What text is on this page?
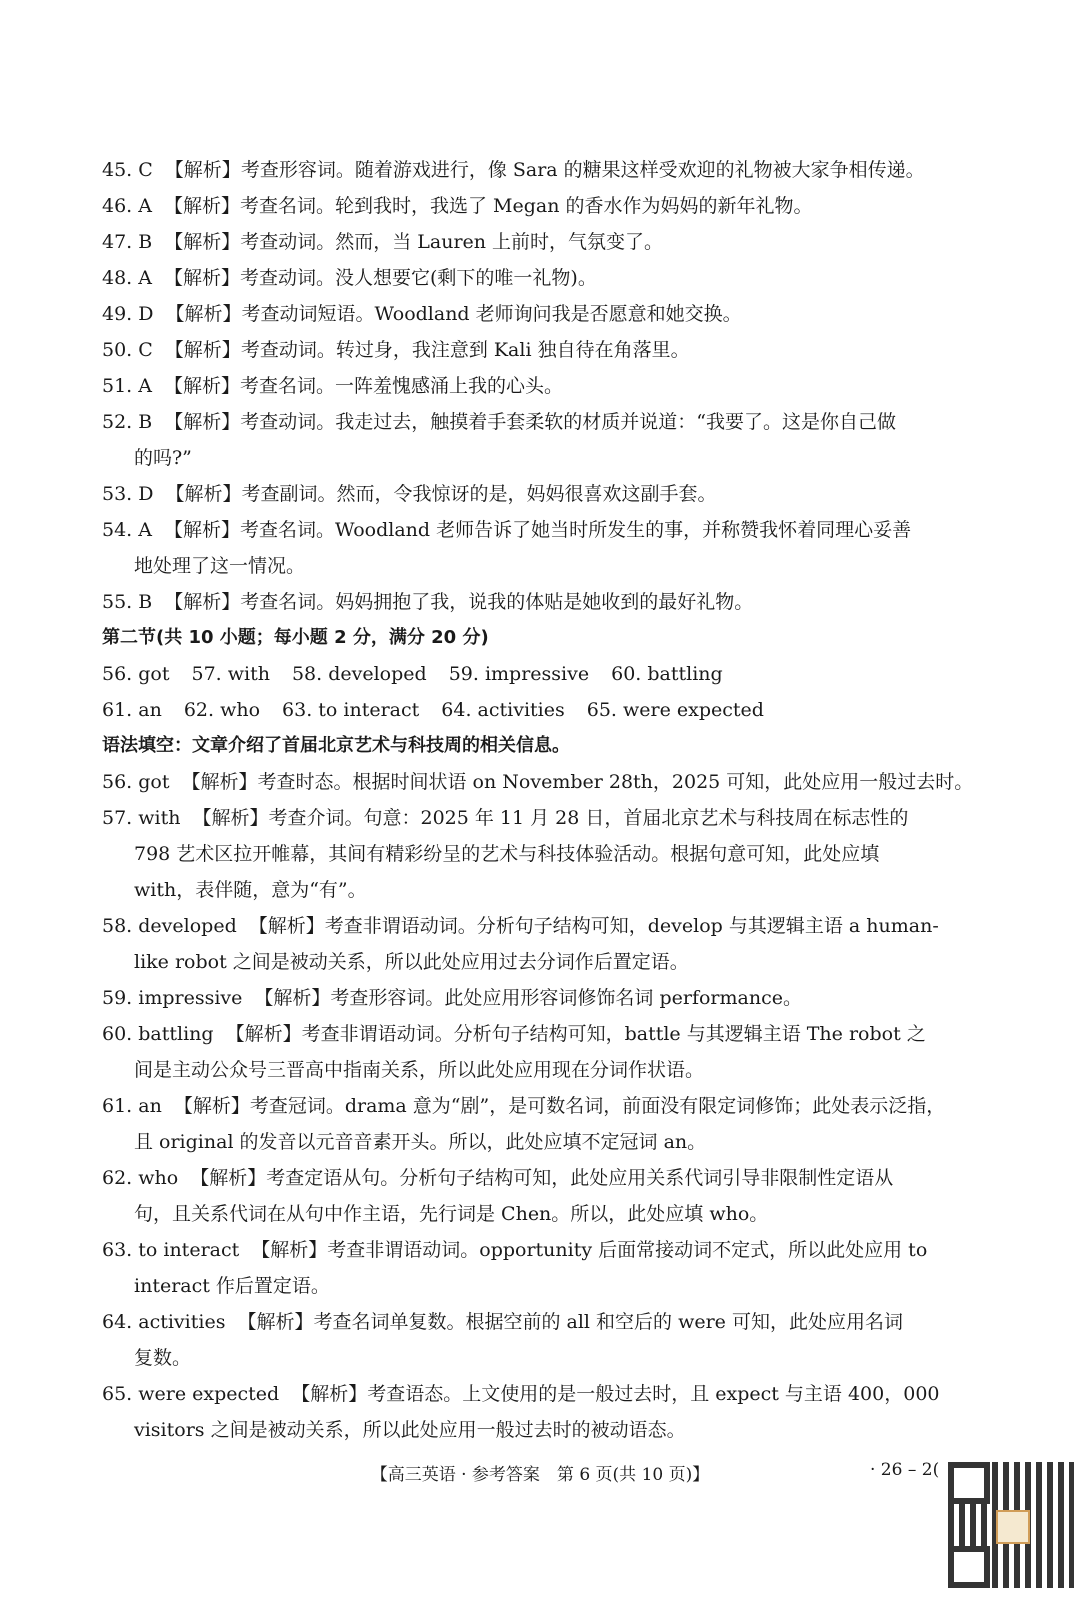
45. C 【解析】考查形容词。随着游戏进行，像 Sara 的糖果这样受欢迎的礼物被大家争相传递。
46. A 【解析】考查名词。轮到我时，我选了 Megan 的香水作为妈妈的新年礼物。
47. B 【解析】考查动词。然而，当 Lauren 上前时，气氛变了。
48. A 【解析】考查动词。没人想要它(剩下的唯一礼物)。
49. D 【解析】考查动词短语。Woodland 老师询问我是否愿意和她交换。
50. C 【解析】考查动词。转过身，我注意到 Kali 独自待在角落里。
51. A 【解析】考查名词。一阵羞愧感涌上我的心头。
52. B 【解析】考查动词。我走过去，触摸着手套柔软的材质并说道：“我要了。这是你自己做
的吗?”
53. D 【解析】考查副词。然而，令我惊讶的是，妈妈很喜欢这副手套。
54. A 【解析】考查名词。Woodland 老师告诉了她当时所发生的事，并称赞我怀着同理心妥善
地处理了这一情况。
55. B 【解析】考查名词。妈妈拥抱了我，说我的体贴是她收到的最好礼物。
第二节(共 10 小题；每小题 2 分，满分 20 分)
56. got 57. with 58. developed 59. impressive 60. battling
61. an 62. who 63. to interact 64. activities 65. were expected
语法填空：文章介绍了首届北京艺术与科技周的相关信息。
56. got 【解析】考查时态。根据时间状语 on November 28th，2025 可知，此处应用一般过去时。
57. with 【解析】考查介词。句意：2025 年 11 月 28 日，首届北京艺术与科技周在标志性的
798 艺术区拉开帷幕，其间有精彩纷呈的艺术与科技体验活动。根据句意可知，此处应填
with，表伴随，意为“有”。
58. developed 【解析】考查非谓语动词。分析句子结构可知，develop 与其逻辑主语 a human-
like robot 之间是被动关系，所以此处应用过去分词作后置定语。
59. impressive 【解析】考查形容词。此处应用形容词修饰名词 performance。
60. battling 【解析】考查非谓语动词。分析句子结构可知，battle 与其逻辑主语 The robot 之
间是主动公众号三晋高中指南关系，所以此处应用现在分词作状语。
61. an 【解析】考查冠词。drama 意为“剧”，是可数名词，前面没有限定词修饰；此处表示泛指，
且 original 的发音以元音音素开头。所以，此处应填不定冠词 an。
62. who 【解析】考查定语从句。分析句子结构可知，此处应用关系代词引导非限制性定语从
句，且关系代词在从句中作主语，先行词是 Chen。所以，此处应填 who。
63. to interact 【解析】考查非谓语动词。opportunity 后面常接动词不定式，所以此处应用 to
interact 作后置定语。
64. activities 【解析】考查名词单复数。根据空前的 all 和空后的 were 可知，此处应用名词
复数。
65. were expected 【解析】考查语态。上文使用的是一般过去时，且 expect 与主语 400，000
visitors 之间是被动关系，所以此处应用一般过去时的被动语态。
【高三英语 · 参考答案　第 6 页(共 10 页)】	· 26 – 2(
